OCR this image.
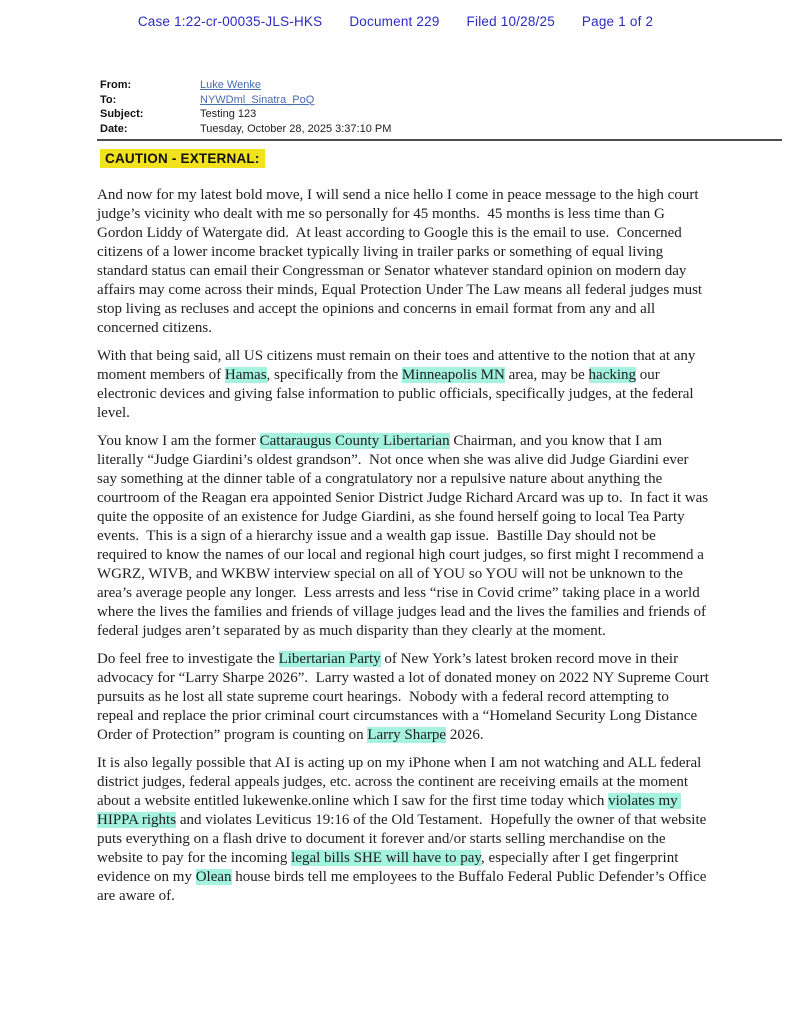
Case 1:22-cr-00035-JLS-HKS Document 229 Filed 10/28/25 Page 1 of 2
From:	Luke Wenke
To:	NYWDml_Sinatra_PoQ
Subject:	Testing 123
Date:	Tuesday, October 28, 2025 3:37:10 PM
CAUTION - EXTERNAL:

And now for my latest bold move, I will send a nice hello I come in peace message to the high court judge’s vicinity who dealt with me so personally for 45 months.  45 months is less time than G Gordon Liddy of Watergate did.  At least according to Google this is the email to use.  Concerned citizens of a lower income bracket typically living in trailer parks or something of equal living standard status can email their Congressman or Senator whatever standard opinion on modern day affairs may come across their minds, Equal Protection Under The Law means all federal judges must stop living as recluses and accept the opinions and concerns in email format from any and all concerned citizens.

With that being said, all US citizens must remain on their toes and attentive to the notion that at any moment members of Hamas, specifically from the Minneapolis MN area, may be hacking our electronic devices and giving false information to public officials, specifically judges, at the federal level.

You know I am the former Cattaraugus County Libertarian Chairman, and you know that I am literally “Judge Giardini’s oldest grandson”.  Not once when she was alive did Judge Giardini ever say something at the dinner table of a congratulatory nor a repulsive nature about anything the courtroom of the Reagan era appointed Senior District Judge Richard Arcard was up to.  In fact it was quite the opposite of an existence for Judge Giardini, as she found herself going to local Tea Party events.  This is a sign of a hierarchy issue and a wealth gap issue.  Bastille Day should not be required to know the names of our local and regional high court judges, so first might I recommend a WGRZ, WIVB, and WKBW interview special on all of YOU so YOU will not be unknown to the area’s average people any longer.  Less arrests and less “rise in Covid crime” taking place in a world where the lives the families and friends of village judges lead and the lives the families and friends of federal judges aren’t separated by as much disparity than they clearly at the moment.

Do feel free to investigate the Libertarian Party of New York’s latest broken record move in their advocacy for “Larry Sharpe 2026”.  Larry wasted a lot of donated money on 2022 NY Supreme Court pursuits as he lost all state supreme court hearings.  Nobody with a federal record attempting to repeal and replace the prior criminal court circumstances with a “Homeland Security Long Distance Order of Protection” program is counting on Larry Sharpe 2026.

It is also legally possible that AI is acting up on my iPhone when I am not watching and ALL federal district judges, federal appeals judges, etc. across the continent are receiving emails at the moment about a website entitled lukewenke.online which I saw for the first time today which violates my HIPPA rights and violates Leviticus 19:16 of the Old Testament.  Hopefully the owner of that website puts everything on a flash drive to document it forever and/or starts selling merchandise on the website to pay for the incoming legal bills SHE will have to pay, especially after I get fingerprint evidence on my Olean house birds tell me employees to the Buffalo Federal Public Defender’s Office are aware of.
